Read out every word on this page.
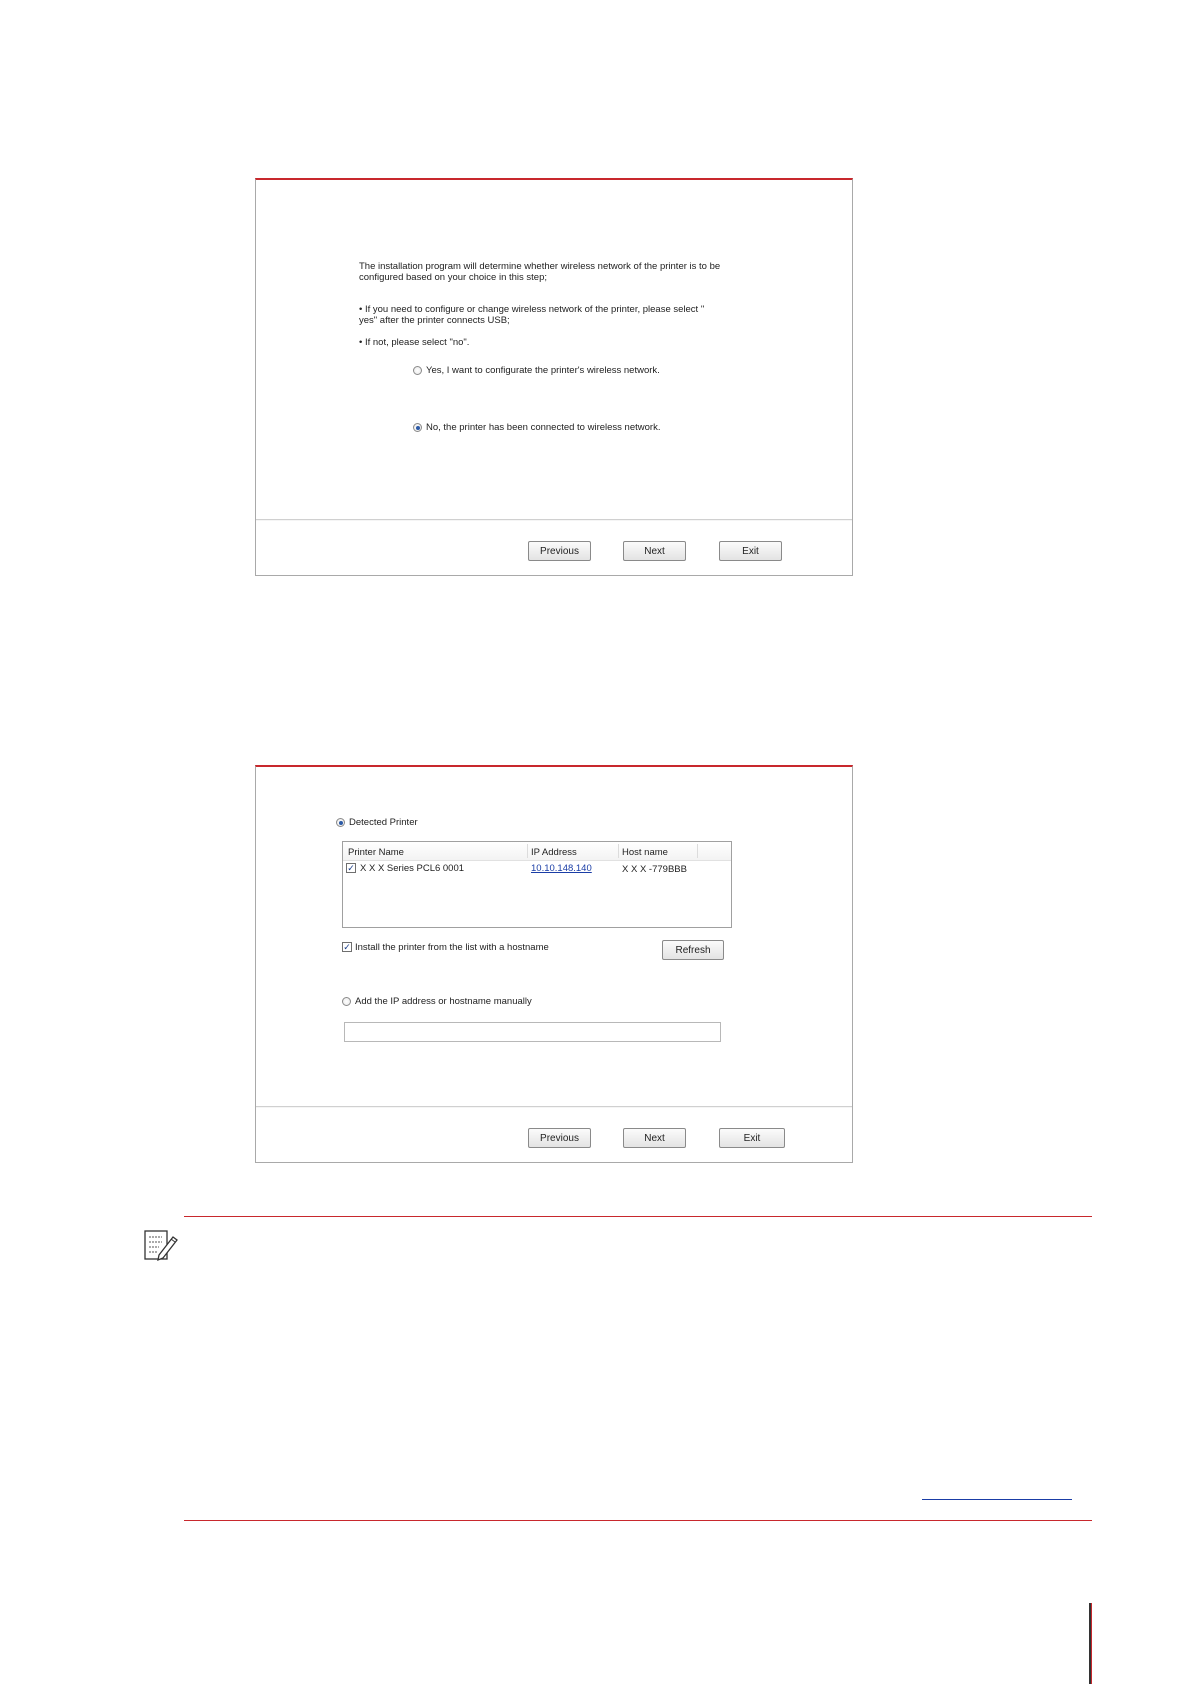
The installation program will determine whether wireless network of the printer is to be
configured based on your choice in this step;
• If you need to configure or change wireless network of the printer, please select "
yes" after the printer connects USB;
• If not, please select "no".
Yes, I want to configurate the printer's wireless network.
No, the printer has been connected to wireless network.
Previous	Next	Exit
Detected Printer
Printer Name	IP Address	Host name
✓ X X X Series PCL6 0001	10.10.148.140	X X X -779BBB
✓ Install the printer from the list with a hostname	Refresh
Add the IP address or hostname manually
Previous	Next	Exit
